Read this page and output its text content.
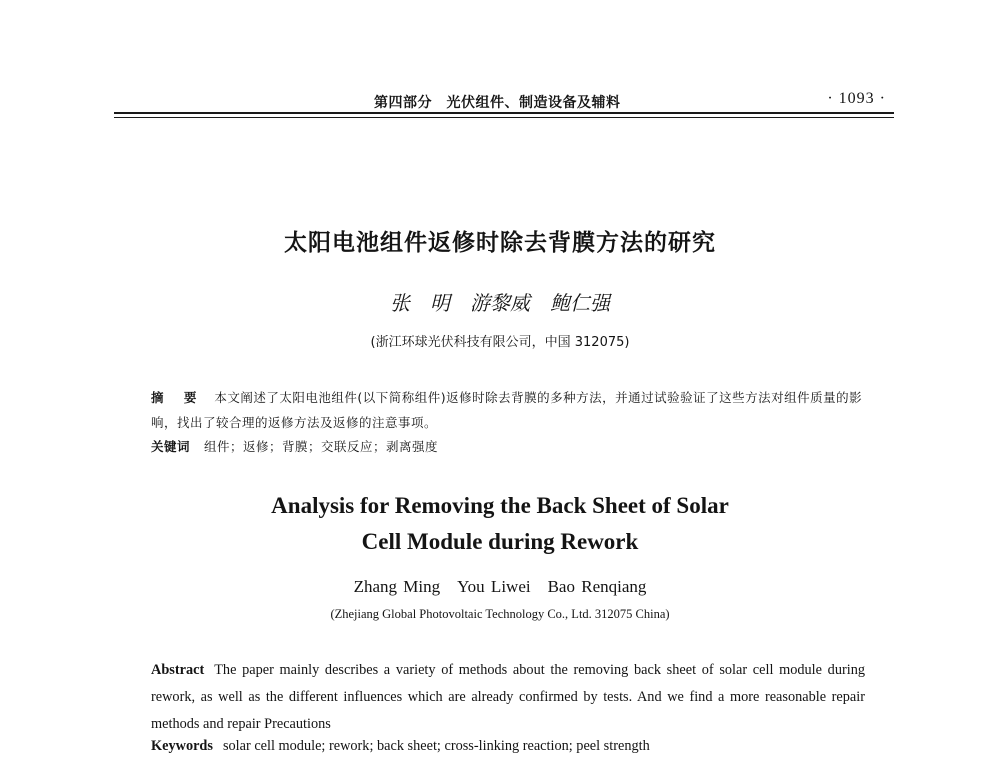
第四部分　光伏组件、制造设备及辅料	· 1093 ·
太阳电池组件返修时除去背膜方法的研究
张　明　游黎威　鲍仁强
(浙江环球光伏科技有限公司，中国 312075)
摘 要 本文阐述了太阳电池组件(以下简称组件)返修时除去背膜的多种方法，并通过试验验证了这些方法对组件质量的影响，找出了较合理的返修方法及返修的注意事项。
关键词 组件；返修；背膜；交联反应；剥离强度
Analysis for Removing the Back Sheet of Solar
Cell Module during Rework
Zhang Ming　You Liwei　Bao Renqiang
(Zhejiang Global Photovoltaic Technology Co., Ltd. 312075 China)
Abstract The paper mainly describes a variety of methods about the removing back sheet of solar cell module during rework, as well as the different influences which are already confirmed by tests. And we find a more reasonable repair methods and repair Precautions
Keywords solar cell module; rework; back sheet; cross-linking reaction; peel strength
